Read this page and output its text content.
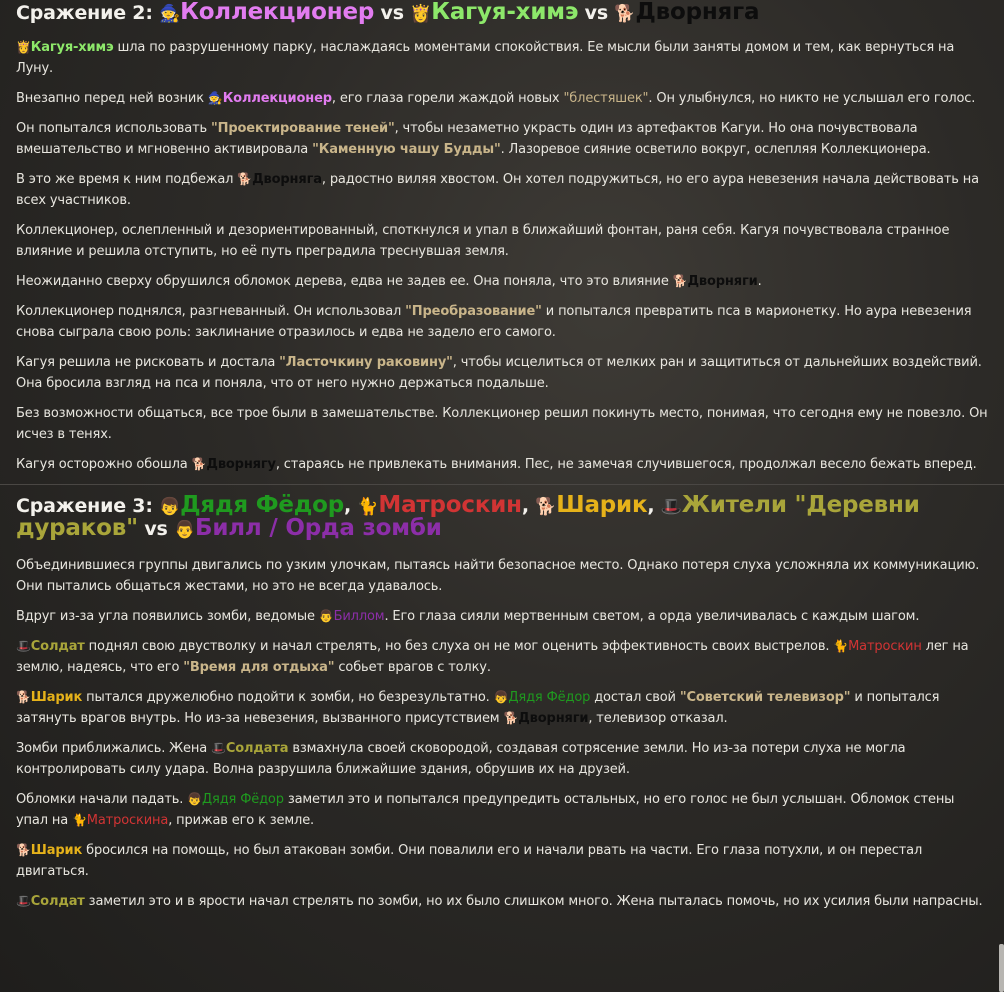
Сражение 2: 🧙Коллекционер vs 👸Кагуя-химэ vs 🐕Дворняга

👸Кагуя-химэ шла по разрушенному парку, наслаждаясь моментами спокойствия. Ее мысли были заняты домом и тем, как вернуться на Луну.

Внезапно перед ней возник 🧙Коллекционер, его глаза горели жаждой новых "блестяшек". Он улыбнулся, но никто не услышал его голос.

Он попытался использовать "Проектирование теней", чтобы незаметно украсть один из артефактов Кагуи. Но она почувствовала вмешательство и мгновенно активировала "Каменную чашу Будды". Лазоревое сияние осветило вокруг, ослепляя Коллекционера.

В это же время к ним подбежал 🐕Дворняга, радостно виляя хвостом. Он хотел подружиться, но его аура невезения начала действовать на всех участников.

Коллекционер, ослепленный и дезориентированный, споткнулся и упал в ближайший фонтан, раня себя. Кагуя почувствовала странное влияние и решила отступить, но её путь преградила треснувшая земля.

Неожиданно сверху обрушился обломок дерева, едва не задев ее. Она поняла, что это влияние 🐕Дворняги.

Коллекционер поднялся, разгневанный. Он использовал "Преобразование" и попытался превратить пса в марионетку. Но аура невезения снова сыграла свою роль: заклинание отразилось и едва не задело его самого.

Кагуя решила не рисковать и достала "Ласточкину раковину", чтобы исцелиться от мелких ран и защититься от дальнейших воздействий. Она бросила взгляд на пса и поняла, что от него нужно держаться подальше.

Без возможности общаться, все трое были в замешательстве. Коллекционер решил покинуть место, понимая, что сегодня ему не повезло. Он исчез в тенях.

Кагуя осторожно обошла 🐕Дворнягу, стараясь не привлекать внимания. Пес, не замечая случившегося, продолжал весело бежать вперед.

Сражение 3: 👦Дядя Фёдор, 🐈Матроскин, 🐕Шарик, 🎩Жители "Деревни дураков" vs 👨Билл / Орда зомби

Объединившиеся группы двигались по узким улочкам, пытаясь найти безопасное место. Однако потеря слуха усложняла их коммуникацию. Они пытались общаться жестами, но это не всегда удавалось.

Вдруг из-за угла появились зомби, ведомые 👨Биллом. Его глаза сияли мертвенным светом, а орда увеличивалась с каждым шагом.

🎩Солдат поднял свою двустволку и начал стрелять, но без слуха он не мог оценить эффективность своих выстрелов. 🐈Матроскин лег на землю, надеясь, что его "Время для отдыха" собьет врагов с толку.

🐕Шарик пытался дружелюбно подойти к зомби, но безрезультатно. 👦Дядя Фёдор достал свой "Советский телевизор" и попытался затянуть врагов внутрь. Но из-за невезения, вызванного присутствием 🐕Дворняги, телевизор отказал.

Зомби приближались. Жена 🎩Солдата взмахнула своей сковородой, создавая сотрясение земли. Но из-за потери слуха не могла контролировать силу удара. Волна разрушила ближайшие здания, обрушив их на друзей.

Обломки начали падать. 👦Дядя Фёдор заметил это и попытался предупредить остальных, но его голос не был услышан. Обломок стены упал на 🐈Матроскина, прижав его к земле.

🐕Шарик бросился на помощь, но был атакован зомби. Они повалили его и начали рвать на части. Его глаза потухли, и он перестал двигаться.

🎩Солдат заметил это и в ярости начал стрелять по зомби, но их было слишком много. Жена пыталась помочь, но их усилия были напрасны.
